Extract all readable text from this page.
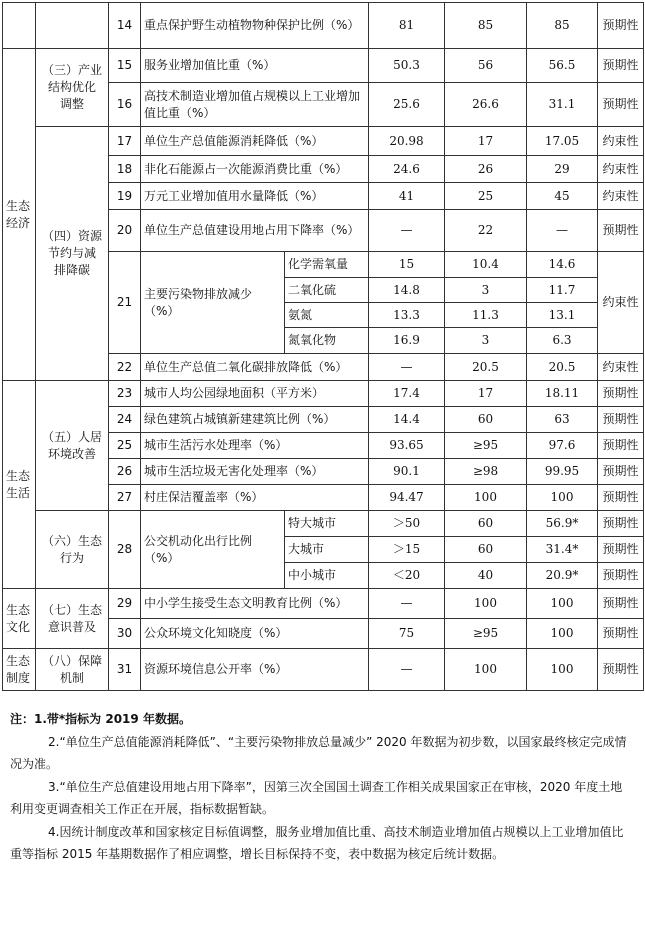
		14	重点保护野生动植物物种保护比例（%）		81	85	85	预期性
生态
经济	（三）产业
结构优化
调整	15	服务业增加值比重（%）		50.3	56	56.5	预期性
		16	高技术制造业增加值占规模以上工业增加值比重（%）		25.6	26.6	31.1	预期性
	（四）资源
节约与减
排降碳	17	单位生产总值能源消耗降低（%）		20.98	17	17.05	约束性
		18	非化石能源占一次能源消费比重（%）		24.6	26	29	约束性
		19	万元工业增加值用水量降低（%）		41	25	45	约束性
		20	单位生产总值建设用地占用下降率（%）		—	22	—	预期性
		21	主要污染物排放减少（%）	化学需氧量	15	10.4	14.6	约束性
				二氧化硫	14.8	3	11.7	
				氨氮	13.3	11.3	13.1	
				氮氧化物	16.9	3	6.3	
		22	单位生产总值二氧化碳排放降低（%）		—	20.5	20.5	约束性
生态
生活	（五）人居
环境改善	23	城市人均公园绿地面积（平方米）		17.4	17	18.11	预期性
		24	绿色建筑占城镇新建建筑比例（%）		14.4	60	63	预期性
		25	城市生活污水处理率（%）		93.65	≥95	97.6	预期性
		26	城市生活垃圾无害化处理率（%）		90.1	≥98	99.95	预期性
		27	村庄保洁覆盖率（%）		94.47	100	100	预期性
	（六）生态
行为	28	公交机动化出行比例（%）	特大城市	＞50	60	56.9*	预期性
				大城市	＞15	60	31.4*	预期性
				中小城市	＜20	40	20.9*	预期性
生态
文化	（七）生态
意识普及	29	中小学生接受生态文明教育比例（%）		—	100	100	预期性
		30	公众环境文化知晓度（%）		75	≥95	100	预期性
生态
制度	（八）保障
机制	31	资源环境信息公开率（%）		—	100	100	预期性

注：1.带*指标为 2019 年数据。

2.“单位生产总值能源消耗降低”、“主要污染物排放总量减少” 2020 年数据为初步数，以国家最终核定完成情况为准。

3.“单位生产总值建设用地占用下降率”，因第三次全国国土调查工作相关成果国家正在审核，2020 年度土地利用变更调查相关工作正在开展，指标数据暂缺。

4.因统计制度改革和国家核定目标值调整，服务业增加值比重、高技术制造业增加值占规模以上工业增加值比重等指标 2015 年基期数据作了相应调整，增长目标保持不变，表中数据为核定后统计数据。
